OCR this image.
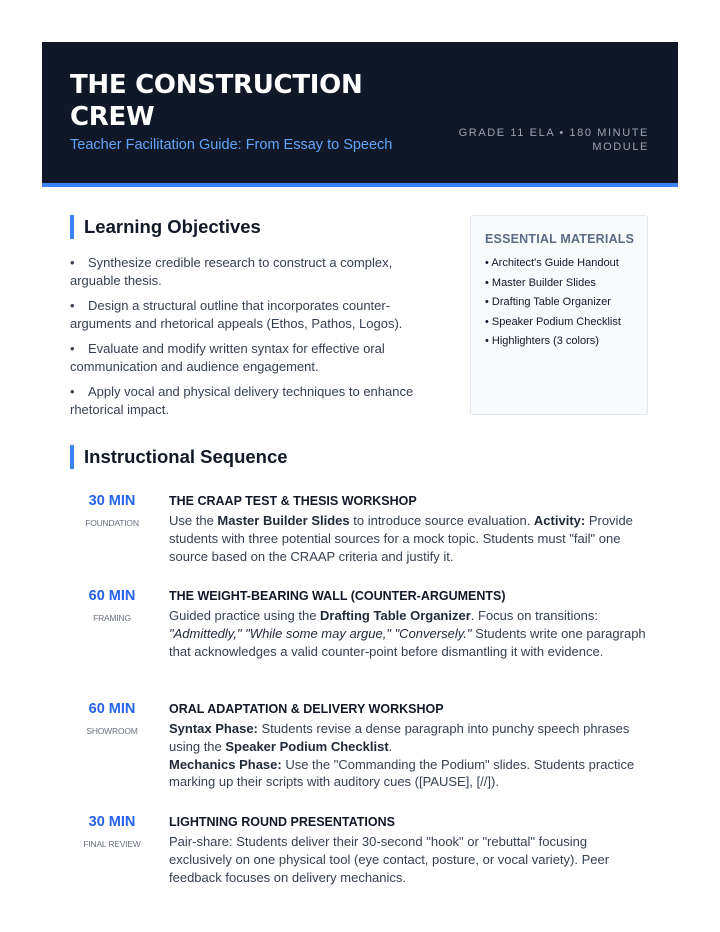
THE CONSTRUCTION CREW
Teacher Facilitation Guide: From Essay to Speech
GRADE 11 ELA • 180 MINUTE MODULE
Learning Objectives
• Synthesize credible research to construct a complex, arguable thesis.
• Design a structural outline that incorporates counter-arguments and rhetorical appeals (Ethos, Pathos, Logos).
• Evaluate and modify written syntax for effective oral communication and audience engagement.
• Apply vocal and physical delivery techniques to enhance rhetorical impact.
ESSENTIAL MATERIALS
• Architect's Guide Handout
• Master Builder Slides
• Drafting Table Organizer
• Speaker Podium Checklist
• Highlighters (3 colors)
Instructional Sequence
30 MIN
FOUNDATION
THE CRAAP TEST & THESIS WORKSHOP
Use the Master Builder Slides to introduce source evaluation. Activity: Provide students with three potential sources for a mock topic. Students must "fail" one source based on the CRAAP criteria and justify it.
60 MIN
FRAMING
THE WEIGHT-BEARING WALL (COUNTER-ARGUMENTS)
Guided practice using the Drafting Table Organizer. Focus on transitions: "Admittedly," "While some may argue," "Conversely." Students write one paragraph that acknowledges a valid counter-point before dismantling it with evidence.
60 MIN
SHOWROOM
ORAL ADAPTATION & DELIVERY WORKSHOP
Syntax Phase: Students revise a dense paragraph into punchy speech phrases using the Speaker Podium Checklist.
Mechanics Phase: Use the "Commanding the Podium" slides. Students practice marking up their scripts with auditory cues ([PAUSE], [//]).
30 MIN
FINAL REVIEW
LIGHTNING ROUND PRESENTATIONS
Pair-share: Students deliver their 30-second "hook" or "rebuttal" focusing exclusively on one physical tool (eye contact, posture, or vocal variety). Peer feedback focuses on delivery mechanics.
